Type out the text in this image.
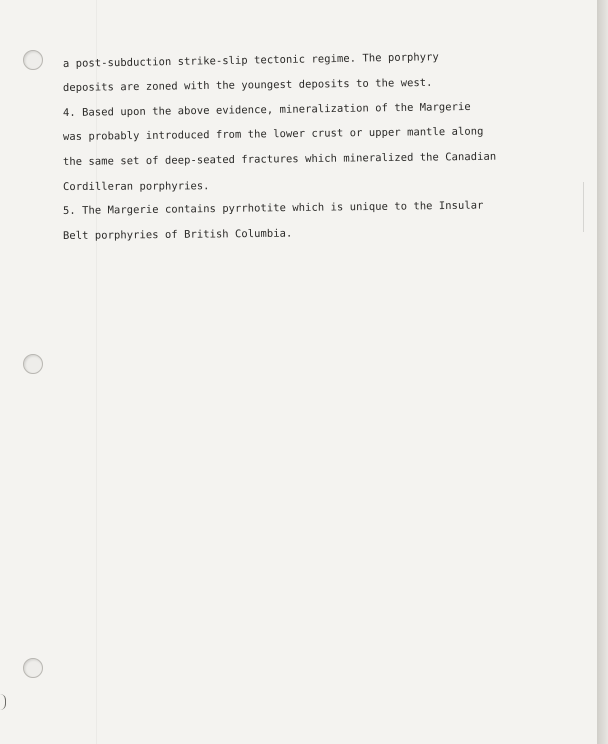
a post-subduction strike-slip tectonic regime. The porphyry
deposits are zoned with the youngest deposits to the west.
4. Based upon the above evidence, mineralization of the Margerie
was probably introduced from the lower crust or upper mantle along
the same set of deep-seated fractures which mineralized the Canadian
Cordilleran porphyries.
5. The Margerie contains pyrrhotite which is unique to the Insular
Belt porphyries of British Columbia.
